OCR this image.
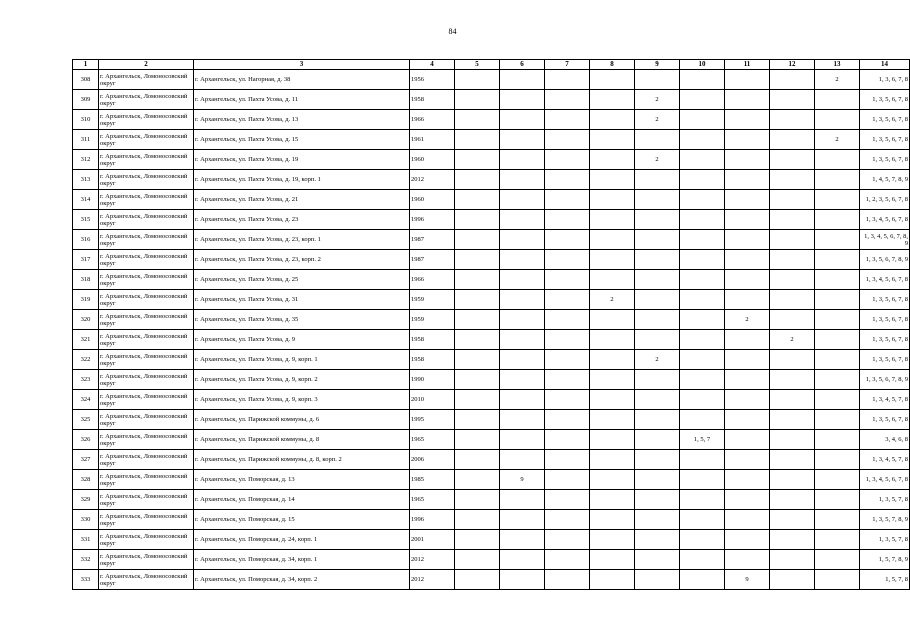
84
1	2	3	4	5	6	7	8	9	10	11	12	13	14
308	г. Архангельск, Ломоносовский округ	г. Архангельск, ул. Нагорная, д. 38	1956									2	1, 3, 6, 7, 8
309	г. Архангельск, Ломоносовский округ	г. Архангельск, ул. Пахта Усова, д. 11	1958					2					1, 3, 5, 6, 7, 8
310	г. Архангельск, Ломоносовский округ	г. Архангельск, ул. Пахта Усова, д. 13	1966					2					1, 3, 5, 6, 7, 8
311	г. Архангельск, Ломоносовский округ	г. Архангельск, ул. Пахта Усова, д. 15	1961									2	1, 3, 5, 6, 7, 8
312	г. Архангельск, Ломоносовский округ	г. Архангельск, ул. Пахта Усова, д. 19	1960					2					1, 3, 5, 6, 7, 8
313	г. Архангельск, Ломоносовский округ	г. Архангельск, ул. Пахта Усова, д. 19, корп. 1	2012										1, 4, 5, 7, 8, 9
314	г. Архангельск, Ломоносовский округ	г. Архангельск, ул. Пахта Усова, д. 21	1960										1, 2, 3, 5, 6, 7, 8
315	г. Архангельск, Ломоносовский округ	г. Архангельск, ул. Пахта Усова, д. 23	1996										1, 3, 4, 5, 6, 7, 8
316	г. Архангельск, Ломоносовский округ	г. Архангельск, ул. Пахта Усова, д. 23, корп. 1	1987										1, 3, 4, 5, 6, 7, 8, 9
317	г. Архангельск, Ломоносовский округ	г. Архангельск, ул. Пахта Усова, д. 23, корп. 2	1987										1, 3, 5, 6, 7, 8, 9
318	г. Архангельск, Ломоносовский округ	г. Архангельск, ул. Пахта Усова, д. 25	1966										1, 3, 4, 5, 6, 7, 8
319	г. Архангельск, Ломоносовский округ	г. Архангельск, ул. Пахта Усова, д. 31	1959				2						1, 3, 5, 6, 7, 8
320	г. Архангельск, Ломоносовский округ	г. Архангельск, ул. Пахта Усова, д. 35	1959							2			1, 3, 5, 6, 7, 8
321	г. Архангельск, Ломоносовский округ	г. Архангельск, ул. Пахта Усова, д. 9	1958								2		1, 3, 5, 6, 7, 8
322	г. Архангельск, Ломоносовский округ	г. Архангельск, ул. Пахта Усова, д. 9, корп. 1	1958					2					1, 3, 5, 6, 7, 8
323	г. Архангельск, Ломоносовский округ	г. Архангельск, ул. Пахта Усова, д. 9, корп. 2	1990										1, 3, 5, 6, 7, 8, 9
324	г. Архангельск, Ломоносовский округ	г. Архангельск, ул. Пахта Усова, д. 9, корп. 3	2010										1, 3, 4, 5, 7, 8
325	г. Архангельск, Ломоносовский округ	г. Архангельск, ул. Парижской коммуны, д. 6	1995										1, 3, 5, 6, 7, 8
326	г. Архангельск, Ломоносовский округ	г. Архангельск, ул. Парижской коммуны, д. 8	1965						1, 5, 7				3, 4, 6, 8
327	г. Архангельск, Ломоносовский округ	г. Архангельск, ул. Парижской коммуны, д. 8, корп. 2	2006										1, 3, 4, 5, 7, 8
328	г. Архангельск, Ломоносовский округ	г. Архангельск, ул. Поморская, д. 13	1985		9								1, 3, 4, 5, 6, 7, 8
329	г. Архангельск, Ломоносовский округ	г. Архангельск, ул. Поморская, д. 14	1965										1, 3, 5, 7, 8
330	г. Архангельск, Ломоносовский округ	г. Архангельск, ул. Поморская, д. 15	1996										1, 3, 5, 7, 8, 9
331	г. Архангельск, Ломоносовский округ	г. Архангельск, ул. Поморская, д. 24, корп. 1	2001										1, 3, 5, 7, 8
332	г. Архангельск, Ломоносовский округ	г. Архангельск, ул. Поморская, д. 34, корп. 1	2012										1, 5, 7, 8, 9
333	г. Архангельск, Ломоносовский округ	г. Архангельск, ул. Поморская, д. 34, корп. 2	2012							9			1, 5, 7, 8
